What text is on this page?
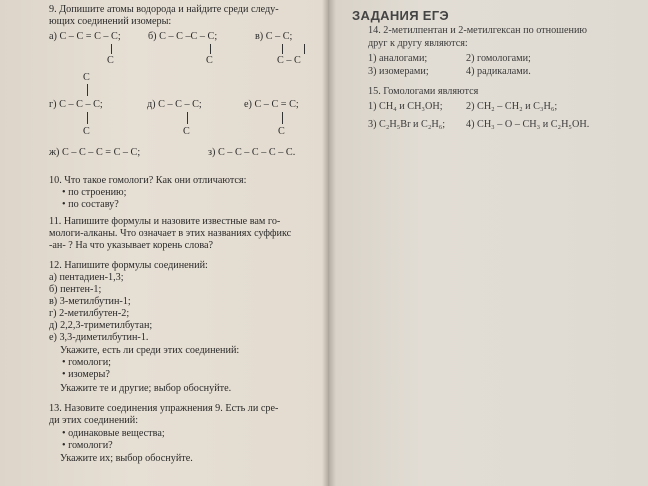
9. Допишите атомы водорода и найдите среди следу-
ющих соединений изомеры:
а) C – C = C – C;
C
б) C – C –C – C;
C
в) C – C;
C – C
C
г) C – C – C;
C
д) C – C – C;
C
е) C – C = C;
C
ж) C – C – C = C – C;	з) C – C – C – C – C.
10. Что такое гомологи? Как они отличаются:
• по строению;
• по составу?
11. Напишите формулы и назовите известные вам го-
мологи-алканы. Что означает в этих названиях суффикс
-ан- ? На что указывает корень слова?
12. Напишите формулы соединений:
а) пентадиен-1,3;
б) пентен-1;
в) 3-метилбутин-1;
г) 2-метилбутен-2;
д) 2,2,3-триметилбутан;
е) 3,3-диметилбутин-1.
Укажите, есть ли среди этих соединений:
• гомологи;
• изомеры?
Укажите те и другие; выбор обоснуйте.
13. Назовите соединения упражнения 9. Есть ли сре-
ди этих соединений:
• одинаковые вещества;
• гомологи?
Укажите их; выбор обоснуйте.
ЗАДАНИЯ ЕГЭ
14. 2-метилпентан и 2-метилгексан по отношению
друг к другу являются:
1) аналогами;	2) гомологами;
3) изомерами;	4) радикалами.
15. Гомологами являются
1) CH₄ и CH₃OH; 2) CH₂ – CH₂ и C₃H₆;
3) C₂H₅Br и C₂H₆; 4) CH₃ – O – CH₃ и C₂H₅OH.
